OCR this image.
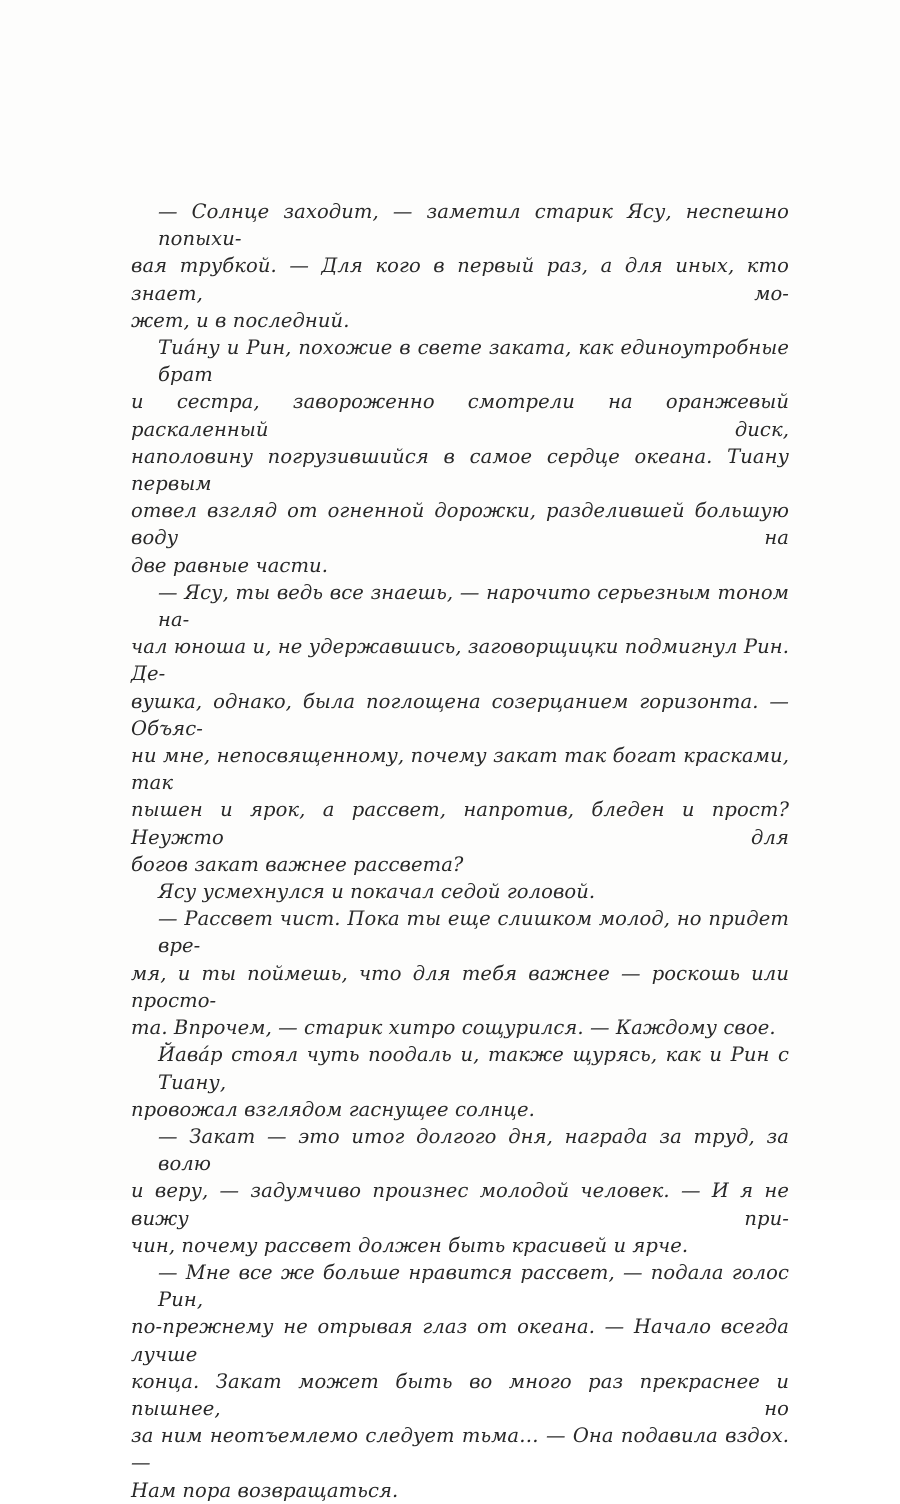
— Солнце заходит, — заметил старик Ясу, неспешно попыхи-
вая трубкой. — Для кого в первый раз, а для иных, кто знает, мо-
жет, и в последний.
Тиа́ну и Рин, похожие в свете заката, как единоутробные брат
и сестра, завороженно смотрели на оранжевый раскаленный диск,
наполовину погрузившийся в самое сердце океана. Тиану первым
отвел взгляд от огненной дорожки, разделившей большую воду на
две равные части.
— Ясу, ты ведь все знаешь, — нарочито серьезным тоном на-
чал юноша и, не удержавшись, заговорщицки подмигнул Рин. Де-
вушка, однако, была поглощена созерцанием горизонта. — Объяс-
ни мне, непосвященному, почему закат так богат красками, так
пышен и ярок, а рассвет, напротив, бледен и прост? Неужто для
богов закат важнее рассвета?
Ясу усмехнулся и покачал седой головой.
— Рассвет чист. Пока ты еще слишком молод, но придет вре-
мя, и ты поймешь, что для тебя важнее — роскошь или просто-
та. Впрочем, — старик хитро сощурился. — Каждому свое.
Йава́р стоял чуть поодаль и, также щурясь, как и Рин с Тиану,
провожал взглядом гаснущее солнце.
— Закат — это итог долгого дня, награда за труд, за волю
и веру, — задумчиво произнес молодой человек. — И я не вижу при-
чин, почему рассвет должен быть красивей и ярче.
— Мне все же больше нравится рассвет, — подала голос Рин,
по-прежнему не отрывая глаз от океана. — Начало всегда лучше
конца. Закат может быть во много раз прекраснее и пышнее, но
за ним неотъемлемо следует тьма… — Она подавила вздох. —
Нам пора возвращаться.
